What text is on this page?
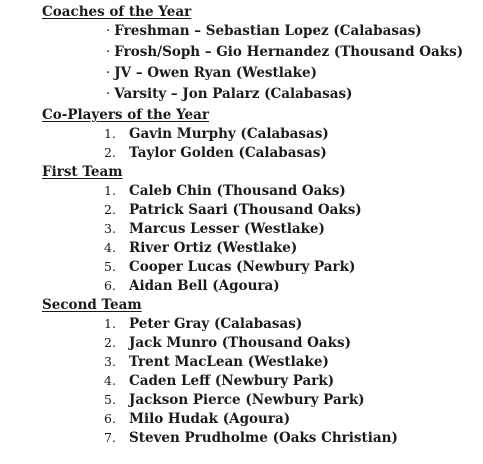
Coaches of the Year
· Freshman – Sebastian Lopez (Calabasas)
· Frosh/Soph – Gio Hernandez (Thousand Oaks)
· JV – Owen Ryan (Westlake)
· Varsity – Jon Palarz (Calabasas)
Co-Players of the Year
1. Gavin Murphy (Calabasas)
2. Taylor Golden (Calabasas)
First Team
1. Caleb Chin (Thousand Oaks)
2. Patrick Saari (Thousand Oaks)
3. Marcus Lesser (Westlake)
4. River Ortiz (Westlake)
5. Cooper Lucas (Newbury Park)
6. Aidan Bell (Agoura)
Second Team
1. Peter Gray (Calabasas)
2. Jack Munro (Thousand Oaks)
3. Trent MacLean (Westlake)
4. Caden Leff (Newbury Park)
5. Jackson Pierce (Newbury Park)
6. Milo Hudak (Agoura)
7. Steven Prudholme (Oaks Christian)
